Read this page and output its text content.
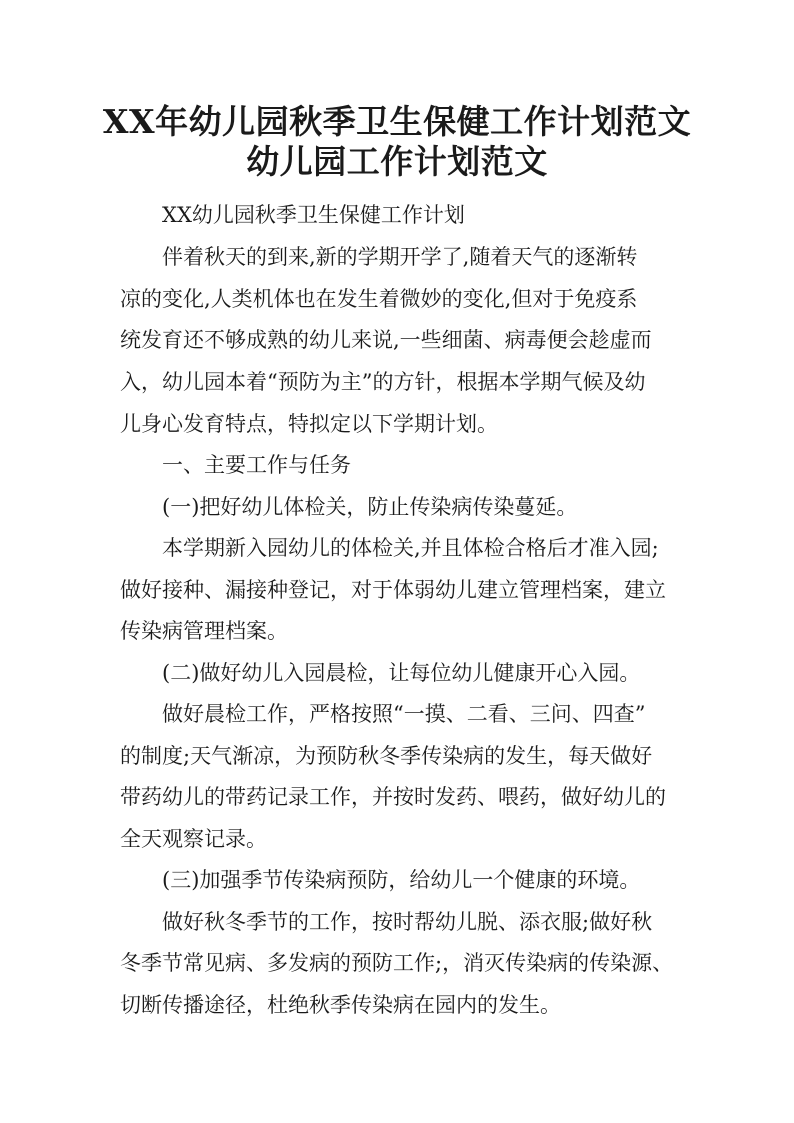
XX年幼儿园秋季卫生保健工作计划范文
幼儿园工作计划范文
XX幼儿园秋季卫生保健工作计划
伴着秋天的到来,新的学期开学了,随着天气的逐渐转
凉的变化,人类机体也在发生着微妙的变化,但对于免疫系
统发育还不够成熟的幼儿来说,一些细菌、病毒便会趁虚而
入，幼儿园本着“预防为主”的方针，根据本学期气候及幼
儿身心发育特点，特拟定以下学期计划。
一、主要工作与任务
(一)把好幼儿体检关，防止传染病传染蔓延。
本学期新入园幼儿的体检关,并且体检合格后才准入园;
做好接种、漏接种登记，对于体弱幼儿建立管理档案，建立
传染病管理档案。
(二)做好幼儿入园晨检，让每位幼儿健康开心入园。
做好晨检工作，严格按照“一摸、二看、三问、四查”
的制度;天气渐凉，为预防秋冬季传染病的发生，每天做好
带药幼儿的带药记录工作，并按时发药、喂药，做好幼儿的
全天观察记录。
(三)加强季节传染病预防，给幼儿一个健康的环境。
做好秋冬季节的工作，按时帮幼儿脱、添衣服;做好秋
冬季节常见病、多发病的预防工作;，消灭传染病的传染源、
切断传播途径，杜绝秋季传染病在园内的发生。
